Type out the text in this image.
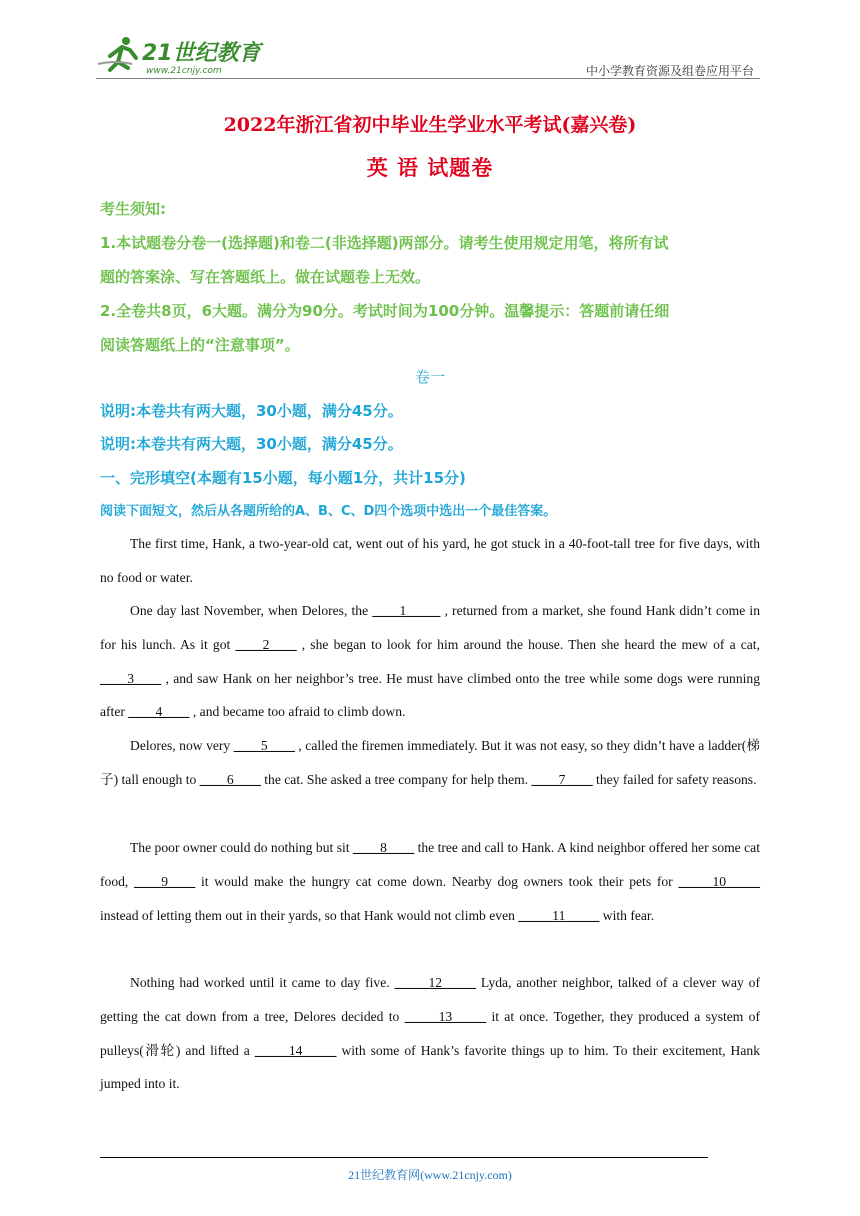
21世纪教育
www.21cnjy.com	中小学教育资源及组卷应用平台
2022年浙江省初中毕业生学业水平考试(嘉兴卷)
英 语 试题卷
考生须知:
1.本试题卷分卷一(选择题)和卷二(非选择题)两部分。请考生使用规定用笔，将所有试
题的答案涂、写在答题纸上。做在试题卷上无效。
2.全卷共8页，6大题。满分为90分。考试时间为100分钟。温馨提示：答题前请任细
阅读答题纸上的“注意事项”。
卷一
说明:本卷共有两大题，30小题，满分45分。
说明:本卷共有两大题，30小题，满分45分。
一、完形填空(本题有15小题，每小题1分，共计15分)
阅读下面短文，然后从各题所给的A、B、C、D四个选项中选出一个最佳答案。
The first time, Hank, a two-year-old cat, went out of his yard, he got stuck in a 40-foot-tall tree for five days, with no food or water.
One day last November, when Delores, the ____1_____ , returned from a market, she found Hank didn’t come in for his lunch. As it got ____2____ , she began to look for him around the house. Then she heard the mew of a cat, ____3____ , and saw Hank on her neighbor’s tree. He must have climbed onto the tree while some dogs were running after ____4____ , and became too afraid to climb down.
Delores, now very ____5____ , called the firemen immediately. But it was not easy, so they didn’t have a ladder(梯子) tall enough to ____6____ the cat. She asked a tree company for help them. ____7____ they failed for safety reasons.
The poor owner could do nothing but sit ____8____ the tree and call to Hank. A kind neighbor offered her some cat food, ____9____ it would make the hungry cat come down. Nearby dog owners took their pets for _____10_____ instead of letting them out in their yards, so that Hank would not climb even _____11_____ with fear.
Nothing had worked until it came to day five. _____12_____ Lyda, another neighbor, talked of a clever way of getting the cat down from a tree, Delores decided to _____13_____ it at once. Together, they produced a system of pulleys(滑轮) and lifted a _____14_____ with some of Hank’s favorite things up to him. To their excitement, Hank jumped into it.
21世纪教育网(www.21cnjy.com)
